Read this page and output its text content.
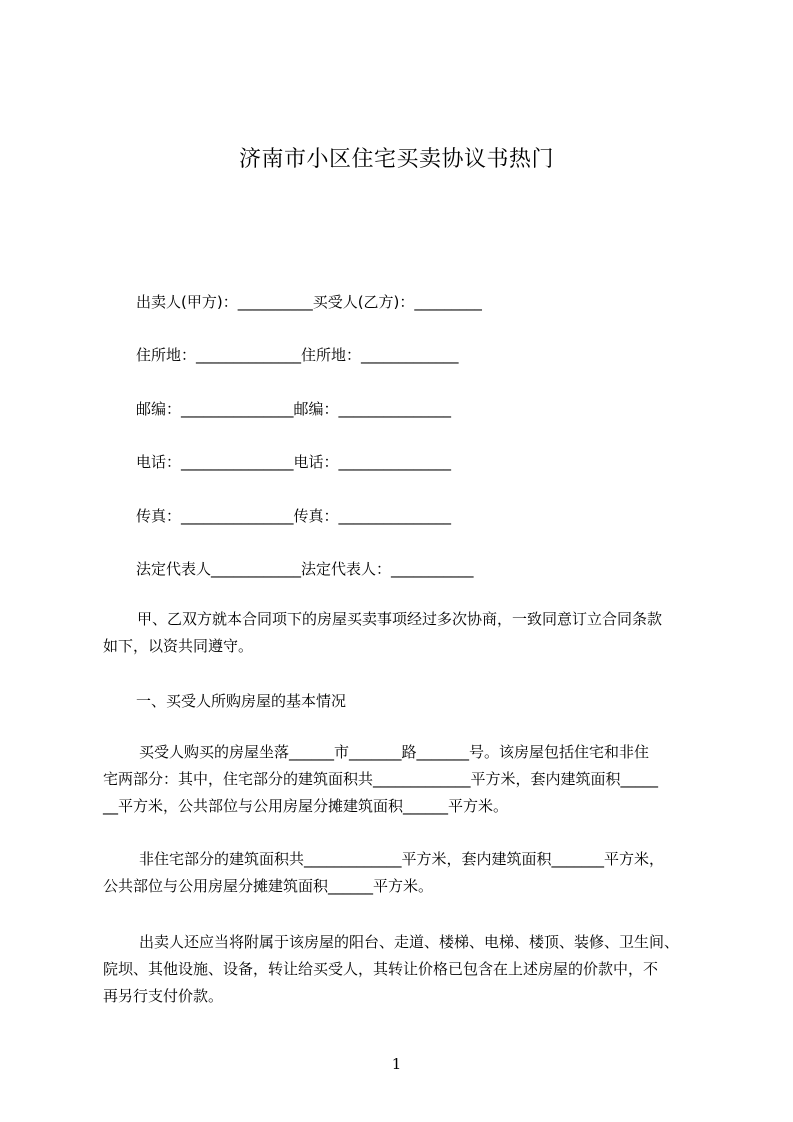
济南市小区住宅买卖协议书热门
出卖人(甲方)：__________买受人(乙方)：_________
住所地：______________住所地：_____________
邮编：_______________邮编：_______________
电话：_______________电话：_______________
传真：_______________传真：_______________
法定代表人____________法定代表人：___________
甲、乙双方就本合同项下的房屋买卖事项经过多次协商，一致同意订立合同条款
如下，以资共同遵守。
一、买受人所购房屋的基本情况
买受人购买的房屋坐落______市_______路_______号。该房屋包括住宅和非住
宅两部分：其中，住宅部分的建筑面积共_____________平方米，套内建筑面积_____
__平方米，公共部位与公用房屋分摊建筑面积______平方米。
非住宅部分的建筑面积共_____________平方米，套内建筑面积_______平方米，
公共部位与公用房屋分摊建筑面积______平方米。
出卖人还应当将附属于该房屋的阳台、走道、楼梯、电梯、楼顶、装修、卫生间、
院坝、其他设施、设备，转让给买受人，其转让价格已包含在上述房屋的价款中，不
再另行支付价款。
1
